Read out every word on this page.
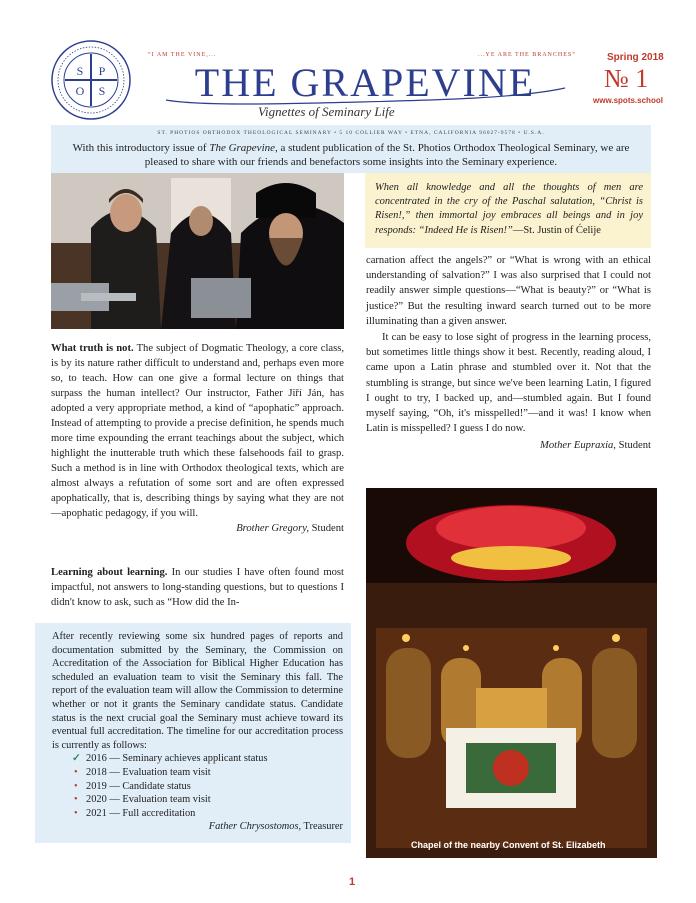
S P
O S
“I AM THE VINE,...	...YE ARE THE BRANCHES”
THE GRAPEVINE
Vignettes of Seminary Life
Spring 2018
№ 1
www.spots.school
ST. PHOTIOS ORTHODOX THEOLOGICAL SEMINARY • 5 10 COLLIER WAY • ETNA, CALIFORNIA 96027-9578 • U.S.A.
With this introductory issue of The Grapevine, a student publication of the St. Photios Orthodox Theological Seminary, we are pleased to share with our friends and benefactors some insights into the Seminary experience.

What truth is not. The subject of Dogmatic Theology, a core class, is by its nature rather difficult to understand and, perhaps even more so, to teach. How can one give a formal lecture on things that surpass the human intellect? Our instructor, Father Jiří Ján, has adopted a very appropriate method, a kind of “apophatic” approach. Instead of attempting to provide a precise definition, he spends much more time expounding the errant teachings about the subject, which highlight the inutterable truth which these falsehoods fail to grasp. Such a method is in line with Orthodox theological texts, which are almost always a refutation of some sort and are often expressed apophatically, that is, describing things by saying what they are not—apophatic pedagogy, if you will.

Brother Gregory, Student

Learning about learning. In our studies I have often found most impactful, not answers to long-standing questions, but to questions I didn't know to ask, such as “How did the In-

After recently reviewing some six hundred pages of reports and documentation submitted by the Seminary, the Commission on Accreditation of the Association for Biblical Higher Education has scheduled an evaluation team to visit the Seminary this fall. The report of the evaluation team will allow the Commission to determine whether or not it grants the Seminary candidate status. Candidate status is the next crucial goal the Seminary must achieve toward its eventual full accreditation. The timeline for our accreditation process is currently as follows:

✓ 2016 — Seminary achieves applicant status
• 2018 — Evaluation team visit
• 2019 — Candidate status
• 2020 — Evaluation team visit
• 2021 — Full accreditation
Father Chrysostomos, Treasurer
When all knowledge and all the thoughts of men are concentrated in the cry of the Paschal salutation, “Christ is Risen!,” then immortal joy embraces all beings and in joy responds: “Indeed He is Risen!”—St. Justin of Ćelije

carnation affect the angels?” or “What is wrong with an ethical understanding of salvation?” I was also surprised that I could not readily answer simple questions—“What is beauty?” or “What is justice?” But the resulting inward search turned out to be more illuminating than a given answer.

It can be easy to lose sight of progress in the learning process, but sometimes little things show it best. Recently, reading aloud, I came upon a Latin phrase and stumbled over it. Not that the stumbling is strange, but since we've been learning Latin, I figured I ought to try, I backed up, and—stumbled again. But I found myself saying, “Oh, it's misspelled!”—and it was! I know when Latin is misspelled? I guess I do now.

Mother Eupraxia, Student
Chapel of the nearby Convent of St. Elizabeth
1
